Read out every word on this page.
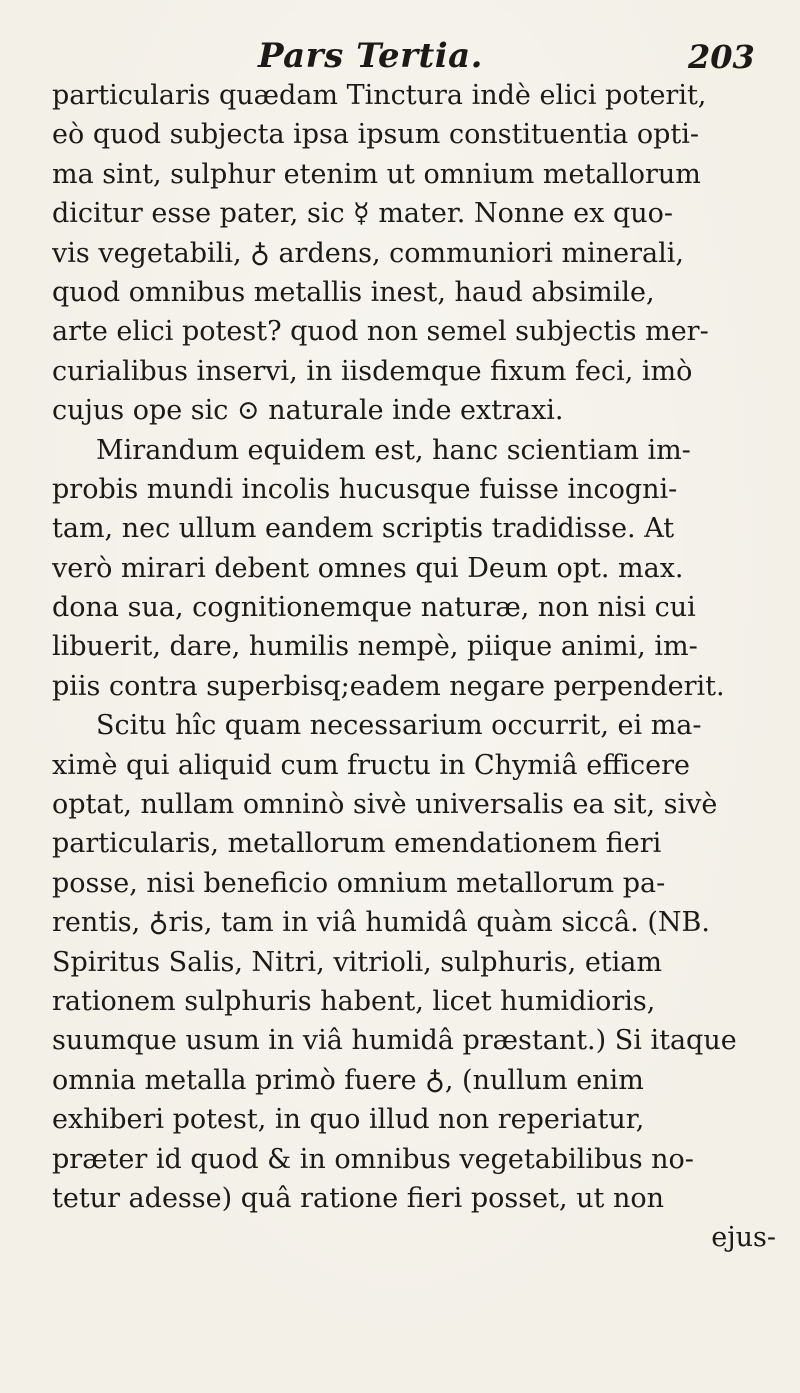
Pars Tertia.	203
particularis quædam Tinctura indè elici poterit,
eò quod subjecta ipsa ipsum constituentia opti-
ma sint, sulphur etenim ut omnium metallorum
dicitur esse pater, sic ☿ mater. Nonne ex quo-
vis vegetabili, ♁ ardens, communiori minerali,
quod omnibus metallis inest, haud absimile,
arte elici potest? quod non semel subjectis mer-
curialibus inservi, in iisdemque fixum feci, imò
cujus ope sic ⊙ naturale inde extraxi.
Mirandum equidem est, hanc scientiam im-
probis mundi incolis hucusque fuisse incogni-
tam, nec ullum eandem scriptis tradidisse. At
verò mirari debent omnes qui Deum opt. max.
dona sua, cognitionemque naturæ, non nisi cui
libuerit, dare, humilis nempè, piique animi, im-
piis contra superbisq;eadem negare perpenderit.
Scitu hîc quam necessarium occurrit, ei ma-
ximè qui aliquid cum fructu in Chymiâ efficere
optat, nullam omninò sivè universalis ea sit, sivè
particularis, metallorum emendationem fieri
posse, nisi beneficio omnium metallorum pa-
rentis, ♁ris, tam in viâ humidâ quàm siccâ. (NB.
Spiritus Salis, Nitri, vitrioli, sulphuris, etiam
rationem sulphuris habent, licet humidioris,
suumque usum in viâ humidâ præstant.) Si itaque
omnia metalla primò fuere ♁, (nullum enim
exhiberi potest, in quo illud non reperiatur,
præter id quod & in omnibus vegetabilibus no-
tetur adesse) quâ ratione fieri posset, ut non
ejus-
